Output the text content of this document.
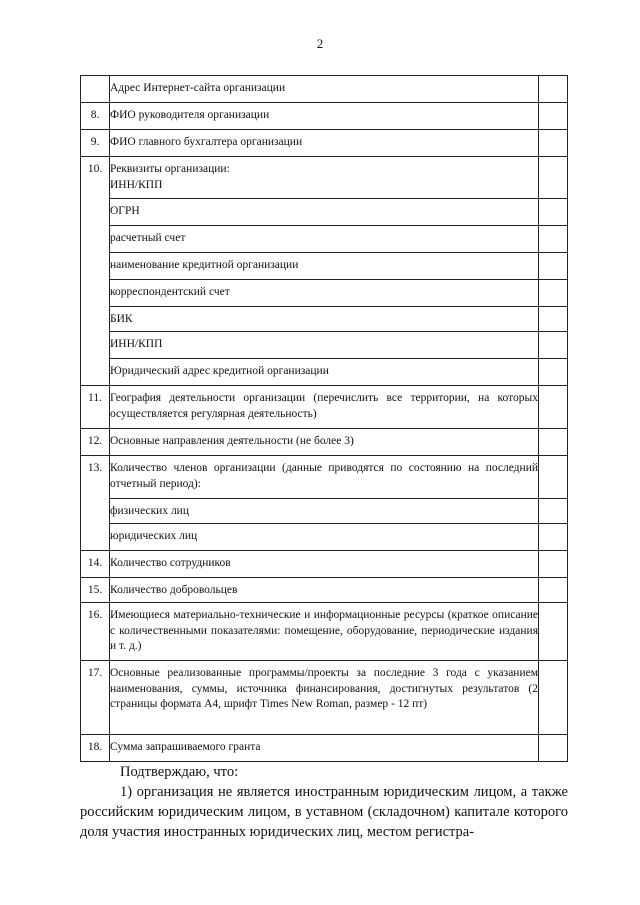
2

	Адрес Интернет-сайта организации	

8.	ФИО руководителя организации	

9.	ФИО главного бухгалтера организации	

10.	Реквизиты организации:
ИНН/КПП	

	ОГРН	

	расчетный счет	

	наименование кредитной организации	

	корреспондентский счет	

	БИК	

	ИНН/КПП	

	Юридический адрес кредитной организации	

11.	География деятельности организации (перечислить все территории, на которых осуществляется регулярная деятельность)	

12.	Основные направления деятельности (не более 3)	

13.	Количество членов организации (данные приводятся по состоянию на последний отчетный период):	

	физических лиц	

	юридических лиц	

14.	Количество сотрудников	

15.	Количество добровольцев	

16.	Имеющиеся материально-технические и информационные ресурсы (краткое описание с количественными показателями: помещение, оборудование, периодические издания и т. д.)	

17.	Основные реализованные программы/проекты за последние 3 года с указанием наименования, суммы, источника финансирования, достигнутых результатов (2 страницы формата А4, шрифт Times New Roman, размер - 12 пт)	

18.	Сумма запрашиваемого гранта	

Подтверждаю, что:

1) организация не является иностранным юридическим лицом, а также российским юридическим лицом, в уставном (складочном) капитале которого доля участия иностранных юридических лиц, местом регистра-
